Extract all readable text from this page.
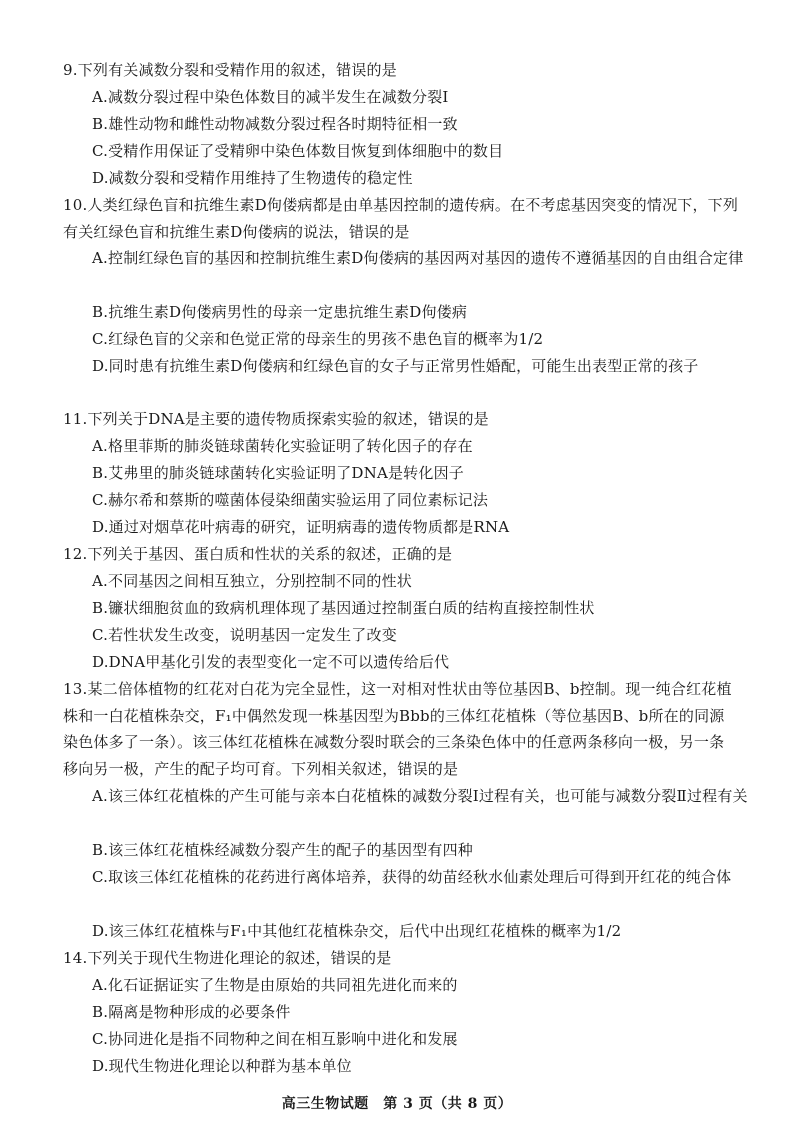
9.下列有关减数分裂和受精作用的叙述，错误的是
A.减数分裂过程中染色体数目的减半发生在减数分裂Ⅰ
B.雄性动物和雌性动物减数分裂过程各时期特征相一致
C.受精作用保证了受精卵中染色体数目恢复到体细胞中的数目
D.减数分裂和受精作用维持了生物遗传的稳定性
10.人类红绿色盲和抗维生素D佝偻病都是由单基因控制的遗传病。在不考虑基因突变的情况下，下列有关红绿色盲和抗维生素D佝偻病的说法，错误的是
A.控制红绿色盲的基因和控制抗维生素D佝偻病的基因两对基因的遗传不遵循基因的自由组合定律
B.抗维生素D佝偻病男性的母亲一定患抗维生素D佝偻病
C.红绿色盲的父亲和色觉正常的母亲生的男孩不患色盲的概率为1/2
D.同时患有抗维生素D佝偻病和红绿色盲的女子与正常男性婚配，可能生出表型正常的孩子
11.下列关于DNA是主要的遗传物质探索实验的叙述，错误的是
A.格里菲斯的肺炎链球菌转化实验证明了转化因子的存在
B.艾弗里的肺炎链球菌转化实验证明了DNA是转化因子
C.赫尔希和蔡斯的噬菌体侵染细菌实验运用了同位素标记法
D.通过对烟草花叶病毒的研究，证明病毒的遗传物质都是RNA
12.下列关于基因、蛋白质和性状的关系的叙述，正确的是
A.不同基因之间相互独立，分别控制不同的性状
B.镰状细胞贫血的致病机理体现了基因通过控制蛋白质的结构直接控制性状
C.若性状发生改变，说明基因一定发生了改变
D.DNA甲基化引发的表型变化一定不可以遗传给后代
13.某二倍体植物的红花对白花为完全显性，这一对相对性状由等位基因B、b控制。现一纯合红花植株和一白花植株杂交，F₁中偶然发现一株基因型为Bbb的三体红花植株（等位基因B、b所在的同源染色体多了一条）。该三体红花植株在减数分裂时联会的三条染色体中的任意两条移向一极，另一条移向另一极，产生的配子均可育。下列相关叙述，错误的是
A.该三体红花植株的产生可能与亲本白花植株的减数分裂Ⅰ过程有关，也可能与减数分裂Ⅱ过程有关
B.该三体红花植株经减数分裂产生的配子的基因型有四种
C.取该三体红花植株的花药进行离体培养，获得的幼苗经秋水仙素处理后可得到开红花的纯合体
D.该三体红花植株与F₁中其他红花植株杂交，后代中出现红花植株的概率为1/2
14.下列关于现代生物进化理论的叙述，错误的是
A.化石证据证实了生物是由原始的共同祖先进化而来的
B.隔离是物种形成的必要条件
C.协同进化是指不同物种之间在相互影响中进化和发展
D.现代生物进化理论以种群为基本单位
高三生物试题　第 3 页（共 8 页）
